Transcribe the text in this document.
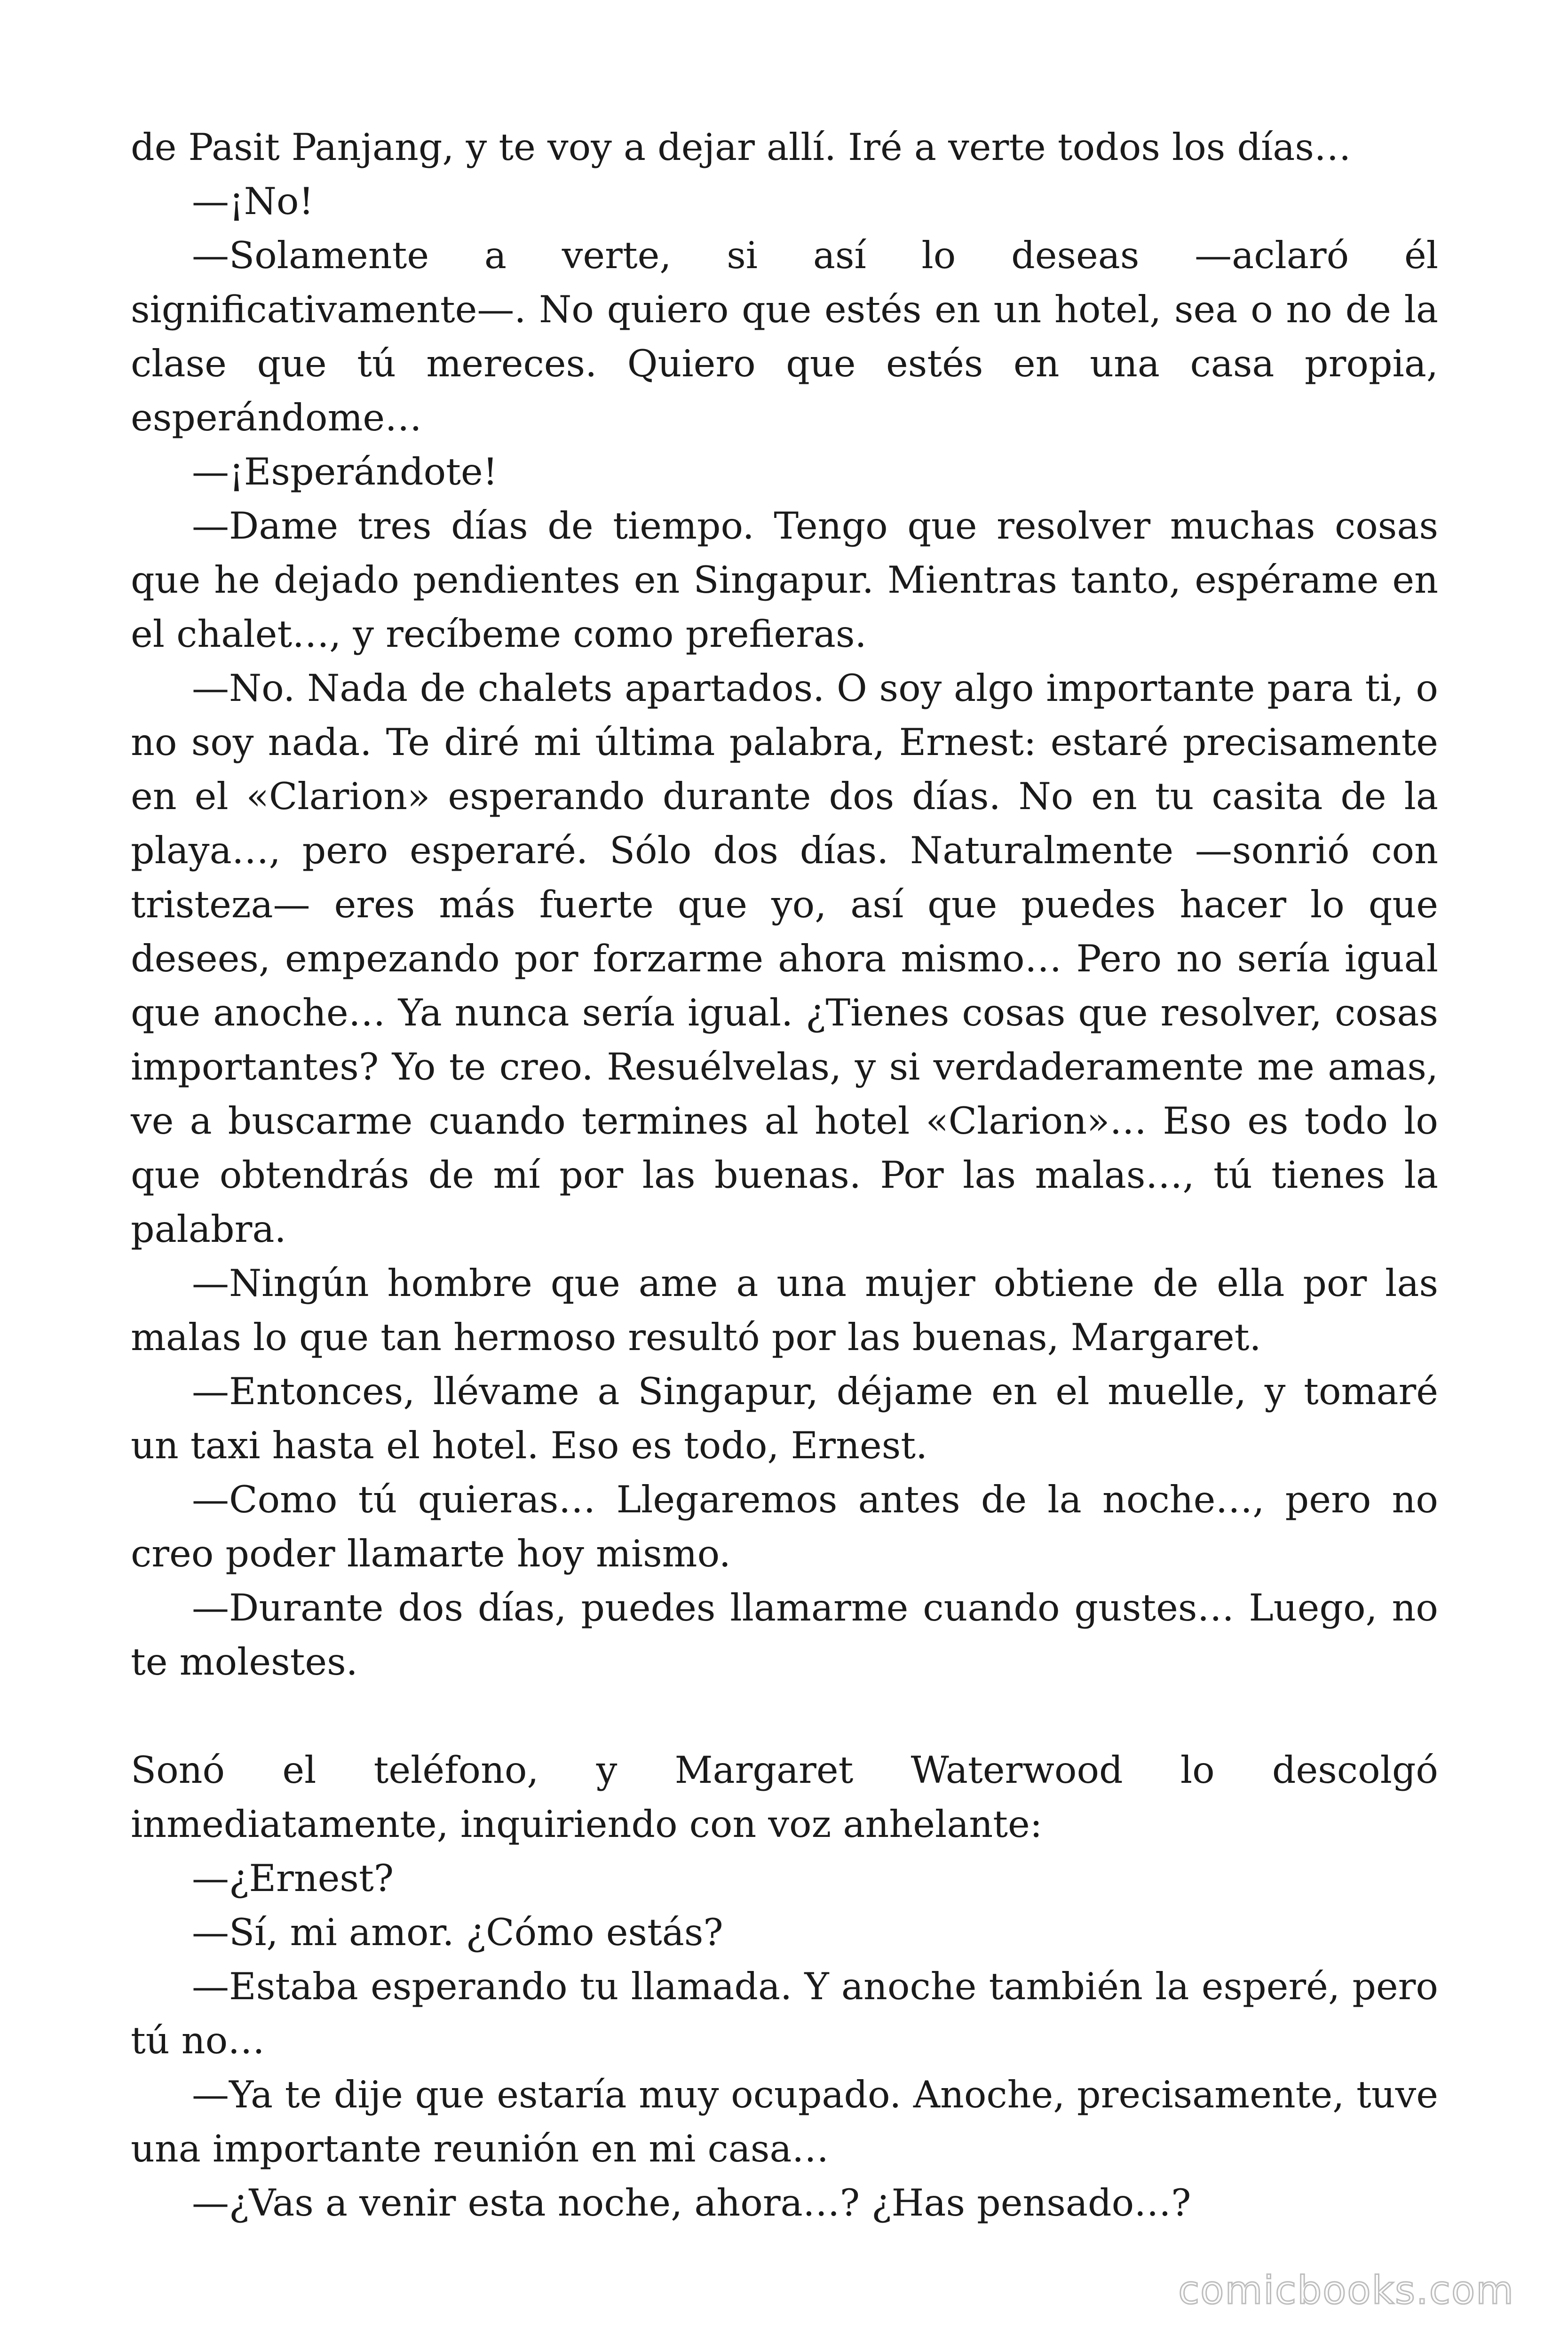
de Pasit Panjang, y te voy a dejar allí. Iré a verte todos los días…

—¡No!

—Solamente a verte, si así lo deseas —aclaró él significativamente—. No quiero que estés en un hotel, sea o no de la clase que tú mereces. Quiero que estés en una casa propia, esperándome…

—¡Esperándote!

—Dame tres días de tiempo. Tengo que resolver muchas cosas que he dejado pendientes en Singapur. Mientras tanto, espérame en el chalet…, y recíbeme como prefieras.

—No. Nada de chalets apartados. O soy algo importante para ti, o no soy nada. Te diré mi última palabra, Ernest: estaré precisamente en el «Clarion» esperando durante dos días. No en tu casita de la playa…, pero esperaré. Sólo dos días. Naturalmente —sonrió con tristeza— eres más fuerte que yo, así que puedes hacer lo que desees, empezando por forzarme ahora mismo… Pero no sería igual que anoche… Ya nunca sería igual. ¿Tienes cosas que resolver, cosas importantes? Yo te creo. Resuélvelas, y si verdaderamente me amas, ve a buscarme cuando termines al hotel «Clarion»… Eso es todo lo que obtendrás de mí por las buenas. Por las malas…, tú tienes la palabra.

—Ningún hombre que ame a una mujer obtiene de ella por las malas lo que tan hermoso resultó por las buenas, Margaret.

—Entonces, llévame a Singapur, déjame en el muelle, y tomaré un taxi hasta el hotel. Eso es todo, Ernest.

—Como tú quieras… Llegaremos antes de la noche…, pero no creo poder llamarte hoy mismo.

—Durante dos días, puedes llamarme cuando gustes… Luego, no te molestes.

Sonó el teléfono, y Margaret Waterwood lo descolgó inmediatamente, inquiriendo con voz anhelante:

—¿Ernest?

—Sí, mi amor. ¿Cómo estás?

—Estaba esperando tu llamada. Y anoche también la esperé, pero tú no…

—Ya te dije que estaría muy ocupado. Anoche, precisamente, tuve una importante reunión en mi casa…

—¿Vas a venir esta noche, ahora…? ¿Has pensado…?

comicbooks.com
